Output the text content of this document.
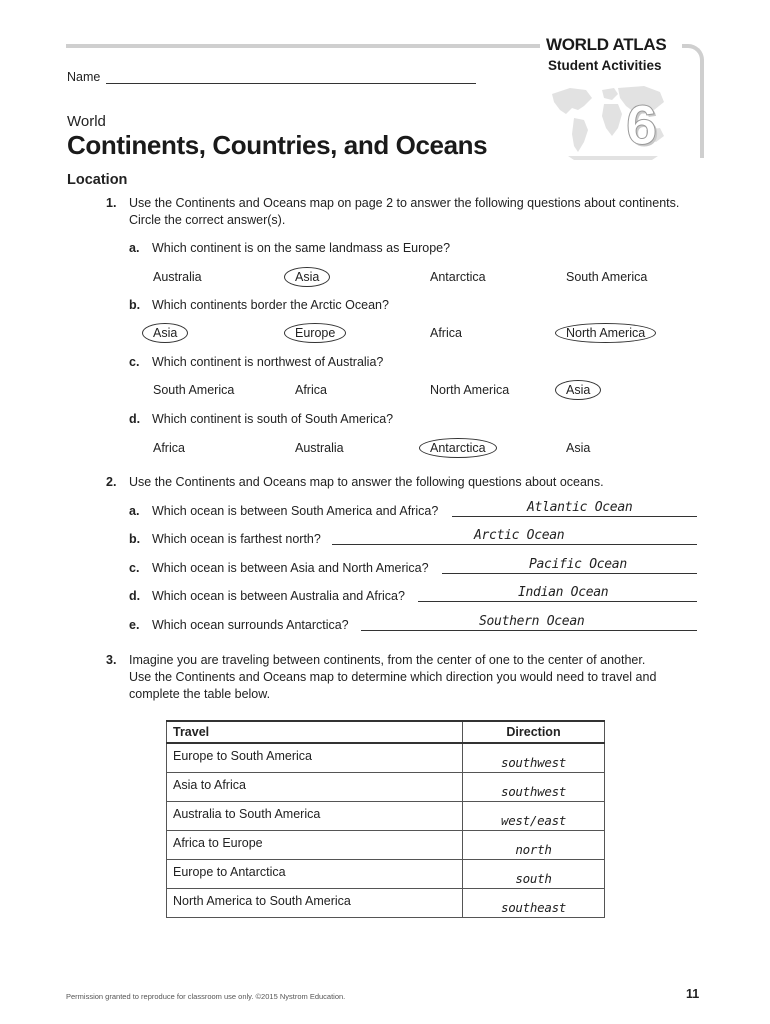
WORLD ATLAS
Student Activities
6
Name
World
Continents, Countries, and Oceans
Location
1. Use the Continents and Oceans map on page 2 to answer the following questions about continents.
Circle the correct answer(s).
a. Which continent is on the same landmass as Europe?
Australia	Asia	Antarctica	South America
b. Which continents border the Arctic Ocean?
Asia	Europe	Africa	North America
c. Which continent is northwest of Australia?
South America	Africa	North America	Asia
d. Which continent is south of South America?
Africa	Australia	Antarctica	Asia
2. Use the Continents and Oceans map to answer the following questions about oceans.
a. Which ocean is between South America and Africa?	Atlantic Ocean
b. Which ocean is farthest north?	Arctic Ocean
c. Which ocean is between Asia and North America?	Pacific Ocean
d. Which ocean is between Australia and Africa?	Indian Ocean
e. Which ocean surrounds Antarctica?	Southern Ocean
3. Imagine you are traveling between continents, from the center of one to the center of another.
Use the Continents and Oceans map to determine which direction you would need to travel and
complete the table below.
Travel	Direction
Europe to South America	southwest
Asia to Africa	southwest
Australia to South America	west/east
Africa to Europe	north
Europe to Antarctica	south
North America to South America	southeast
Permission granted to reproduce for classroom use only. ©2015 Nystrom Education.	11
